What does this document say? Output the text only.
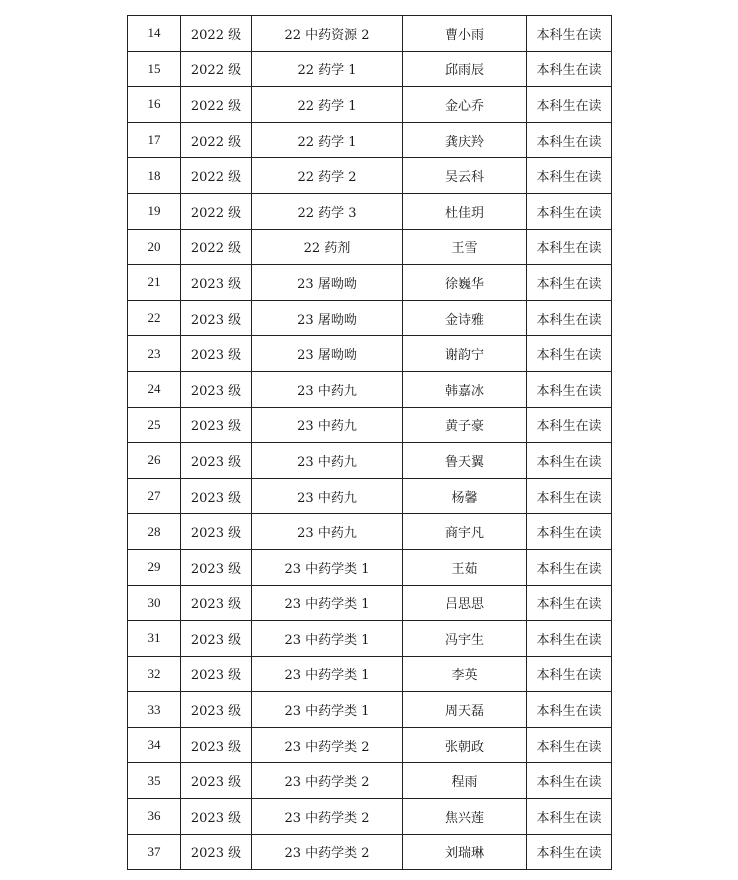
14	2022 级	22 中药资源 2	曹小雨	本科生在读
15	2022 级	22 药学 1	邱雨辰	本科生在读
16	2022 级	22 药学 1	金心乔	本科生在读
17	2022 级	22 药学 1	龚庆羚	本科生在读
18	2022 级	22 药学 2	吴云科	本科生在读
19	2022 级	22 药学 3	杜佳玥	本科生在读
20	2022 级	22 药剂	王雪	本科生在读
21	2023 级	23 屠呦呦	徐巍华	本科生在读
22	2023 级	23 屠呦呦	金诗雅	本科生在读
23	2023 级	23 屠呦呦	谢韵宁	本科生在读
24	2023 级	23 中药九	韩嘉冰	本科生在读
25	2023 级	23 中药九	黄子豪	本科生在读
26	2023 级	23 中药九	鲁天翼	本科生在读
27	2023 级	23 中药九	杨馨	本科生在读
28	2023 级	23 中药九	商宇凡	本科生在读
29	2023 级	23 中药学类 1	王茹	本科生在读
30	2023 级	23 中药学类 1	吕思思	本科生在读
31	2023 级	23 中药学类 1	冯宇生	本科生在读
32	2023 级	23 中药学类 1	李英	本科生在读
33	2023 级	23 中药学类 1	周天磊	本科生在读
34	2023 级	23 中药学类 2	张朝政	本科生在读
35	2023 级	23 中药学类 2	程雨	本科生在读
36	2023 级	23 中药学类 2	焦兴莲	本科生在读
37	2023 级	23 中药学类 2	刘瑞琳	本科生在读
